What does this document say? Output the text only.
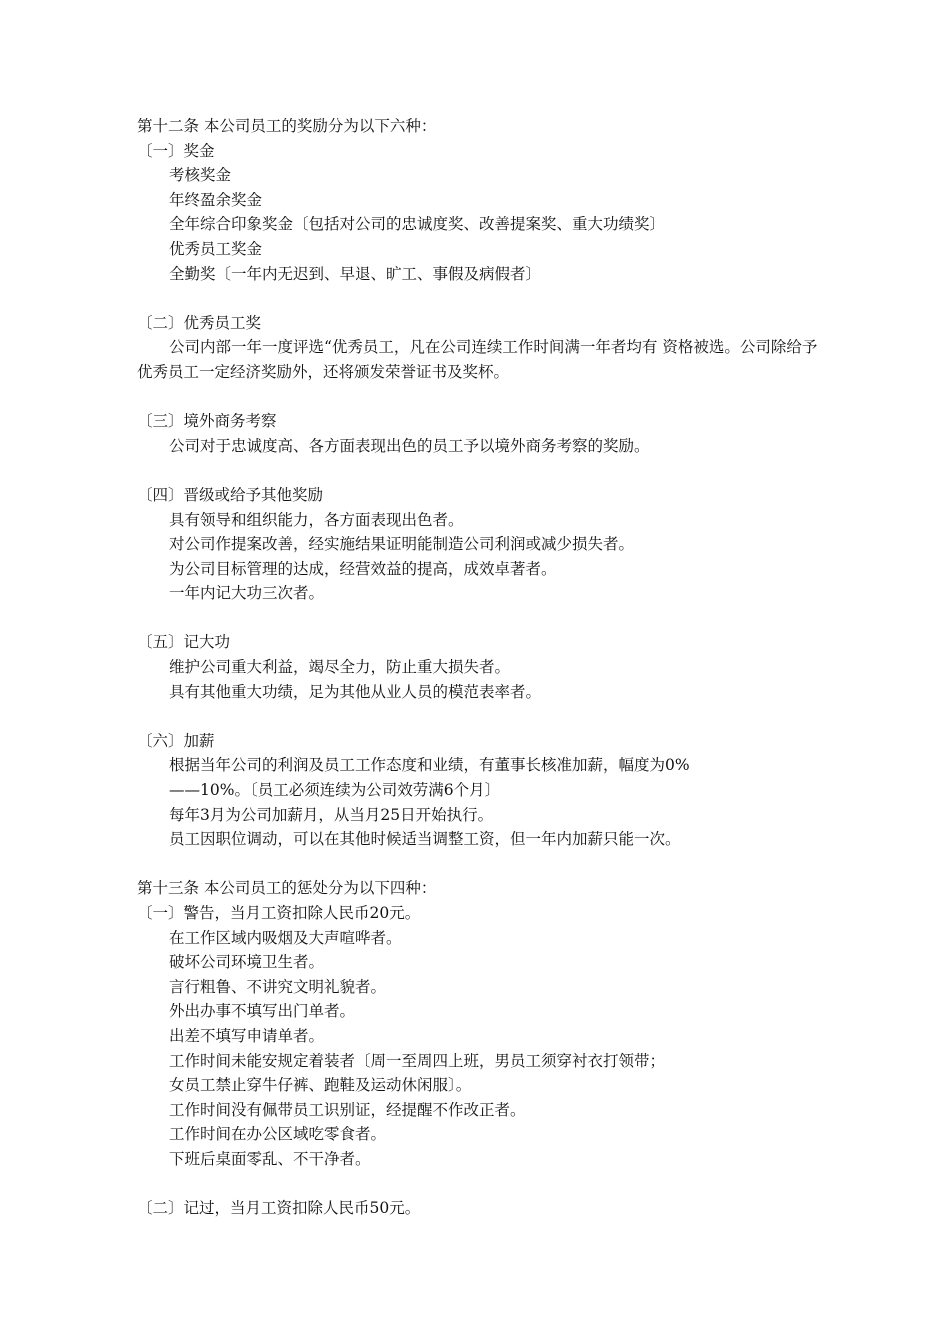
第十二条 本公司员工的奖励分为以下六种：
〔一〕奖金
考核奖金
年终盈余奖金
全年综合印象奖金〔包括对公司的忠诚度奖、改善提案奖、重大功绩奖〕
优秀员工奖金
全勤奖〔一年内无迟到、早退、旷工、事假及病假者〕
〔二〕优秀员工奖
公司内部一年一度评选“优秀员工，凡在公司连续工作时间满一年者均有 资格被选。公司除给予优秀员工一定经济奖励外，还将颁发荣誉证书及奖杯。
〔三〕境外商务考察
公司对于忠诚度高、各方面表现出色的员工予以境外商务考察的奖励。
〔四〕晋级或给予其他奖励
具有领导和组织能力，各方面表现出色者。
对公司作提案改善，经实施结果证明能制造公司利润或减少损失者。
为公司目标管理的达成，经营效益的提高，成效卓著者。
一年内记大功三次者。
〔五〕记大功
维护公司重大利益，竭尽全力，防止重大损失者。
具有其他重大功绩，足为其他从业人员的模范表率者。
〔六〕加薪
根据当年公司的利润及员工工作态度和业绩，有董事长核准加薪，幅度为0%
——10%。〔员工必须连续为公司效劳满6个月〕
每年3月为公司加薪月，从当月25日开始执行。
员工因职位调动，可以在其他时候适当调整工资，但一年内加薪只能一次。
第十三条 本公司员工的惩处分为以下四种：
〔一〕警告，当月工资扣除人民币20元。
在工作区域内吸烟及大声喧哗者。
破坏公司环境卫生者。
言行粗鲁、不讲究文明礼貌者。
外出办事不填写出门单者。
出差不填写申请单者。
工作时间未能安规定着装者〔周一至周四上班，男员工须穿衬衣打领带；
女员工禁止穿牛仔裤、跑鞋及运动休闲服〕。
工作时间没有佩带员工识别证，经提醒不作改正者。
工作时间在办公区域吃零食者。
下班后桌面零乱、不干净者。
〔二〕记过，当月工资扣除人民币50元。
